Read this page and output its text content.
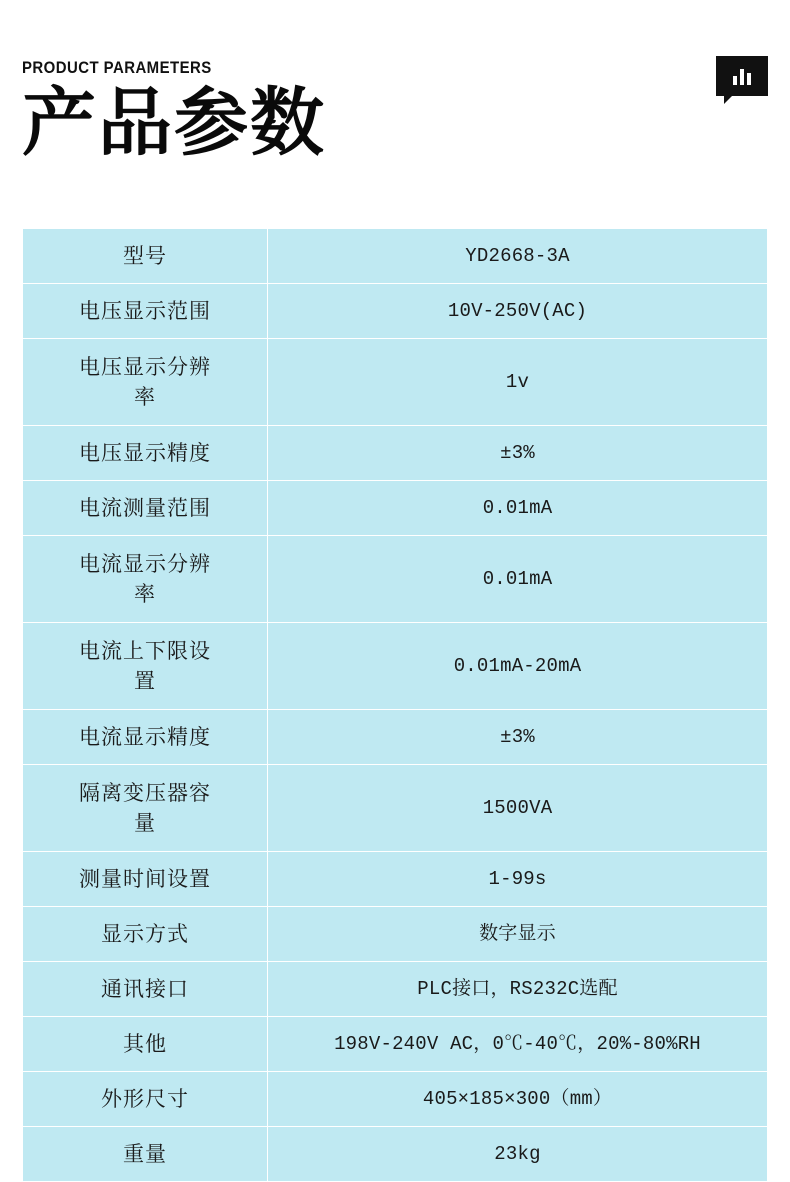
PRODUCT PARAMETERS
产品参数
型号	YD2668-3A

电压显示范围	10V-250V(AC)

电压显示分辨率	1v

电压显示精度	±3%

电流测量范围	0.01mA

电流显示分辨率	0.01mA

电流上下限设置	0.01mA-20mA

电流显示精度	±3%

隔离变压器容量	1500VA

测量时间设置	1-99s

显示方式	数字显示

通讯接口	PLC接口，RS232C选配

其他	198V-240V AC，0℃-40℃，20%-80%RH

外形尺寸	405×185×300（mm）

重量	23kg
